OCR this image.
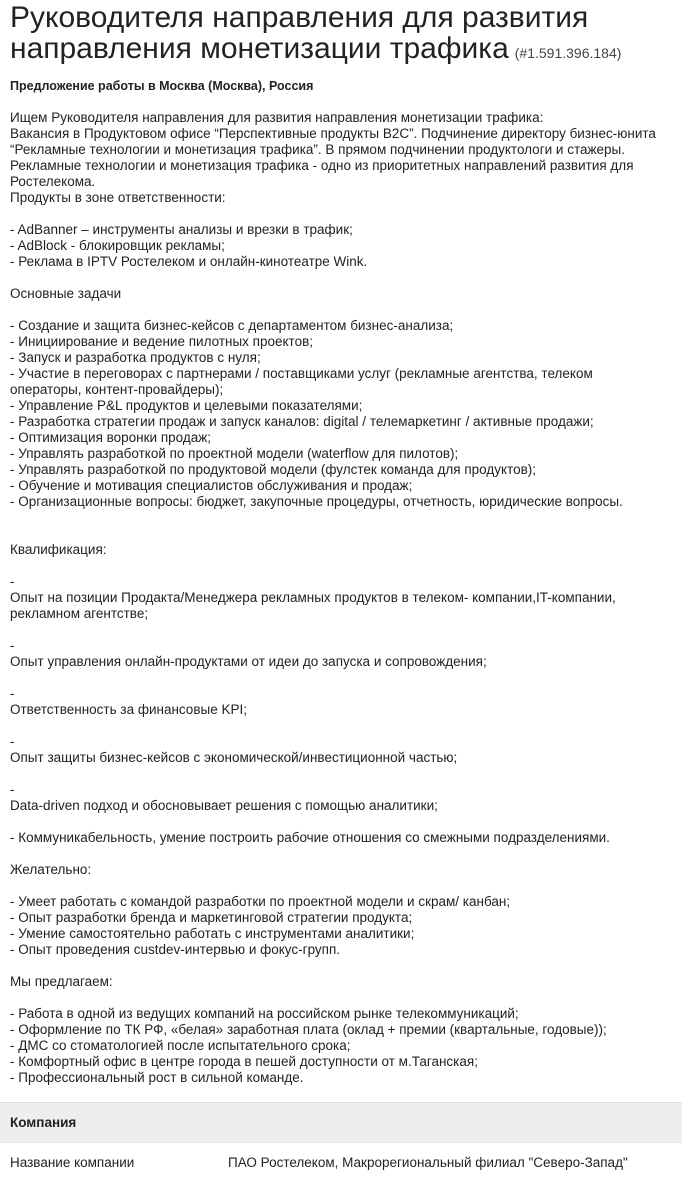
Руководителя направления для развития
направления монетизации трафика (#1.591.396.184)
Предложение работы в Москва (Москва), Россия
Ищем Руководителя направления для развития направления монетизации трафика:
Вакансия в Продуктовом офисе “Перспективные продукты B2C”. Подчинение директору бизнес-юнита
“Рекламные технологии и монетизация трафика”. В прямом подчинении продуктологи и стажеры.
Рекламные технологии и монетизация трафика - одно из приоритетных направлений развития для
Ростелекома.
Продукты в зоне ответственности:
- AdBanner – инструменты анализы и врезки в трафик;
- AdBlock - блокировщик рекламы;
- Реклама в IPTV Ростелеком и онлайн-кинотеатре Wink.
Основные задачи
- Создание и защита бизнес-кейсов с департаментом бизнес-анализа;
- Инициирование и ведение пилотных проектов;
- Запуск и разработка продуктов с нуля;
- Участие в переговорах с партнерами / поставщиками услуг (рекламные агентства, телеком
операторы, контент-провайдеры);
- Управление P&L продуктов и целевыми показателями;
- Разработка стратегии продаж и запуск каналов: digital / телемаркетинг / активные продажи;
- Оптимизация воронки продаж;
- Управлять разработкой по проектной модели (waterflow для пилотов);
- Управлять разработкой по продуктовой модели (фулстек команда для продуктов);
- Обучение и мотивация специалистов обслуживания и продаж;
- Организационные вопросы: бюджет, закупочные процедуры, отчетность, юридические вопросы.
Квалификация:
-
Опыт на позиции Продакта/Менеджера рекламных продуктов в телеком- компании,IT-компании,
рекламном агентстве;
-
Опыт управления онлайн-продуктами от идеи до запуска и сопровождения;
-
Ответственность за финансовые KPI;
-
Опыт защиты бизнес-кейсов с экономической/инвестиционной частью;
-
Data-driven подход и обосновывает решения с помощью аналитики;
- Коммуникабельность, умение построить рабочие отношения со смежными подразделениями.
Желательно:
- Умеет работать с командой разработки по проектной модели и скрам/ канбан;
- Опыт разработки бренда и маркетинговой стратегии продукта;
- Умение самостоятельно работать с инструментами аналитики;
- Опыт проведения custdev-интервью и фокус-групп.
Мы предлагаем:
- Работа в одной из ведущих компаний на российском рынке телекоммуникаций;
- Оформление по ТК РФ, «белая» заработная плата (оклад + премии (квартальные, годовые));
- ДМС со стоматологией после испытательного срока;
- Комфортный офис в центре города в пешей доступности от м.Таганская;
- Профессиональный рост в сильной команде.
Компания
Название компании	ПАО Ростелеком, Макрорегиональный филиал "Северо-Запад"
